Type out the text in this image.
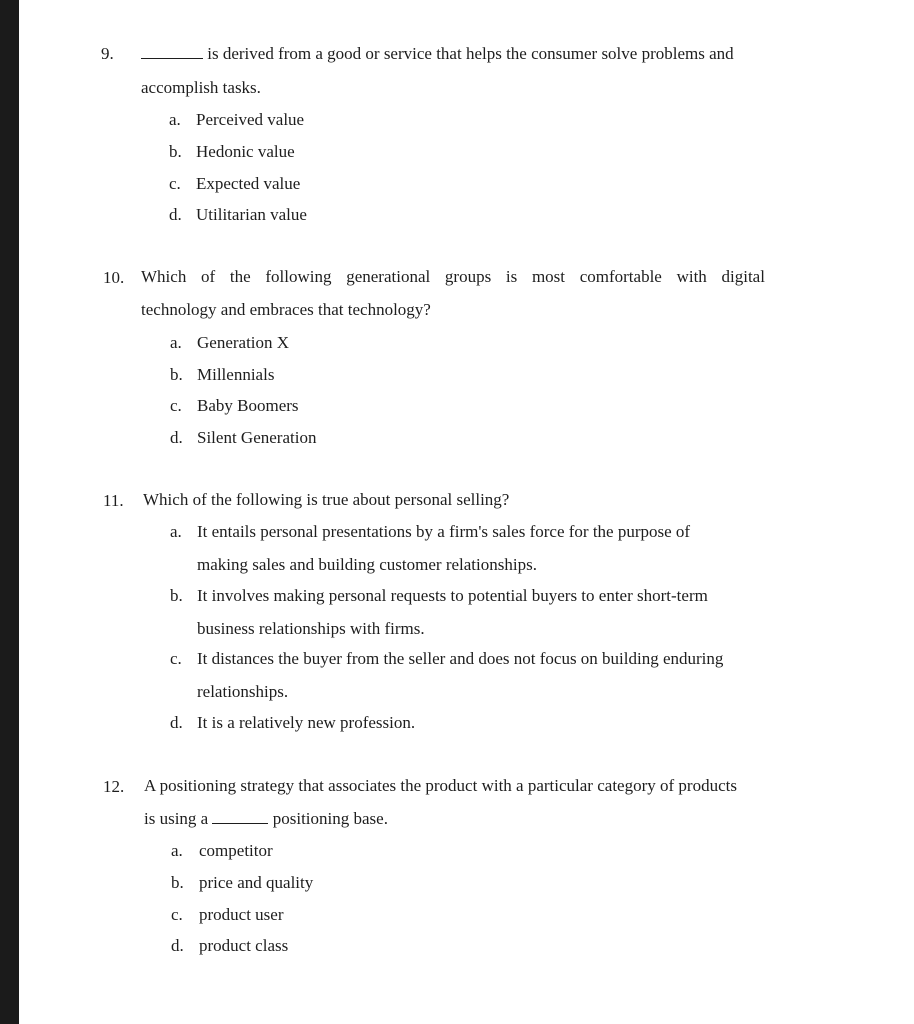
9.	is derived from a good or service that helps the consumer solve problems and
accomplish tasks.
a. Perceived value
b. Hedonic value
c. Expected value
d. Utilitarian value
10. Which of the following generational groups is most comfortable with digital
technology and embraces that technology?
a. Generation X
b. Millennials
c. Baby Boomers
d. Silent Generation
11. Which of the following is true about personal selling?
a. It entails personal presentations by a firm's sales force for the purpose of
making sales and building customer relationships.
b. It involves making personal requests to potential buyers to enter short-term
business relationships with firms.
c. It distances the buyer from the seller and does not focus on building enduring
relationships.
d. It is a relatively new profession.
12. A positioning strategy that associates the product with a particular category of products
is using a	positioning base.
a. competitor
b. price and quality
c. product user
d. product class
